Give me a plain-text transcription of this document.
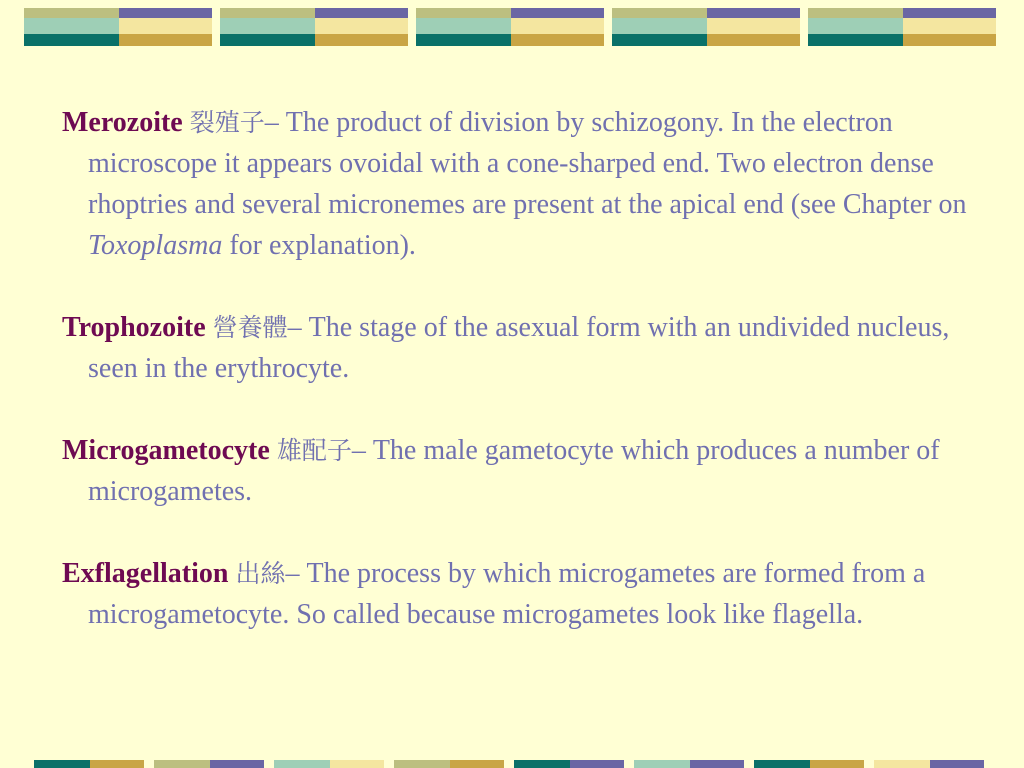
Merozoite 裂殖子– The product of division by schizogony. In the electron microscope it appears ovoidal with a cone-sharped end. Two electron dense rhoptries and several micronemes are present at the apical end (see Chapter on Toxoplasma for explanation).

Trophozoite 營養體– The stage of the asexual form with an undivided nucleus, seen in the erythrocyte.

Microgametocyte 雄配子– The male gametocyte which produces a number of microgametes.

Exflagellation 出絲– The process by which microgametes are formed from a microgametocyte. So called because microgametes look like flagella.
